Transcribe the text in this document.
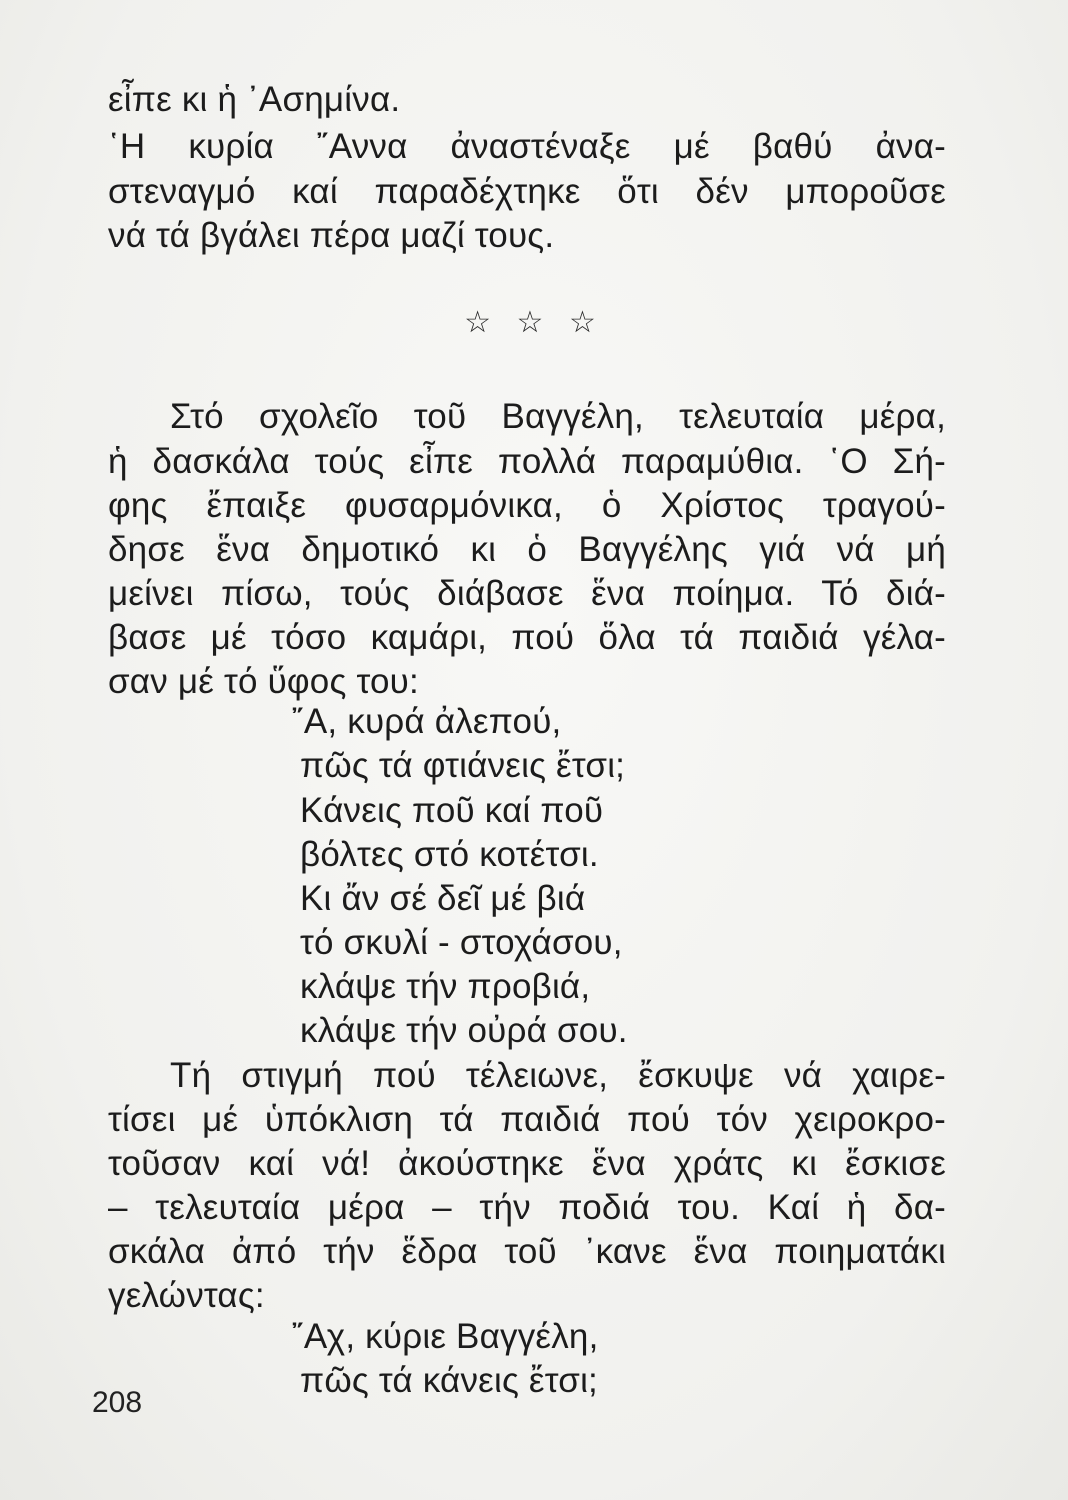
εἶπε κι ἡ ᾿Ασημίνα.
῾Η κυρία ῎Αννα ἀναστέναξε μέ βαθύ ἀνα-
στεναγμό καί παραδέχτηκε ὅτι δέν μποροῦσε
νά τά βγάλει πέρα μαζί τους.
☆ ☆ ☆
Στό σχολεῖο τοῦ Βαγγέλη, τελευταία μέρα,
ἡ δασκάλα τούς εἶπε πολλά παραμύθια. ῾Ο Σή-
φης ἔπαιξε φυσαρμόνικα, ὁ Χρίστος τραγού-
δησε ἕνα δημοτικό κι ὁ Βαγγέλης γιά νά μή
μείνει πίσω, τούς διάβασε ἕνα ποίημα. Τό διά-
βασε μέ τόσο καμάρι, πού ὅλα τά παιδιά γέλα-
σαν μέ τό ὕφος του:
῎Α, κυρά ἀλεπού,
πῶς τά φτιάνεις ἔτσι;
Κάνεις ποῦ καί ποῦ
βόλτες στό κοτέτσι.
Κι ἄν σέ δεῖ μέ βιά
τό σκυλί - στοχάσου,
κλάψε τήν προβιά,
κλάψε τήν οὐρά σου.
Τή στιγμή πού τέλειωνε, ἔσκυψε νά χαιρε-
τίσει μέ ὑπόκλιση τά παιδιά πού τόν χειροκρο-
τοῦσαν καί νά! ἀκούστηκε ἕνα χράτς κι ἔσκισε
– τελευταία μέρα – τήν ποδιά του. Καί ἡ δα-
σκάλα ἀπό τήν ἕδρα τοῦ ᾿κανε ἕνα ποιηματάκι
γελώντας:
῎Αχ, κύριε Βαγγέλη,
πῶς τά κάνεις ἔτσι;
208
